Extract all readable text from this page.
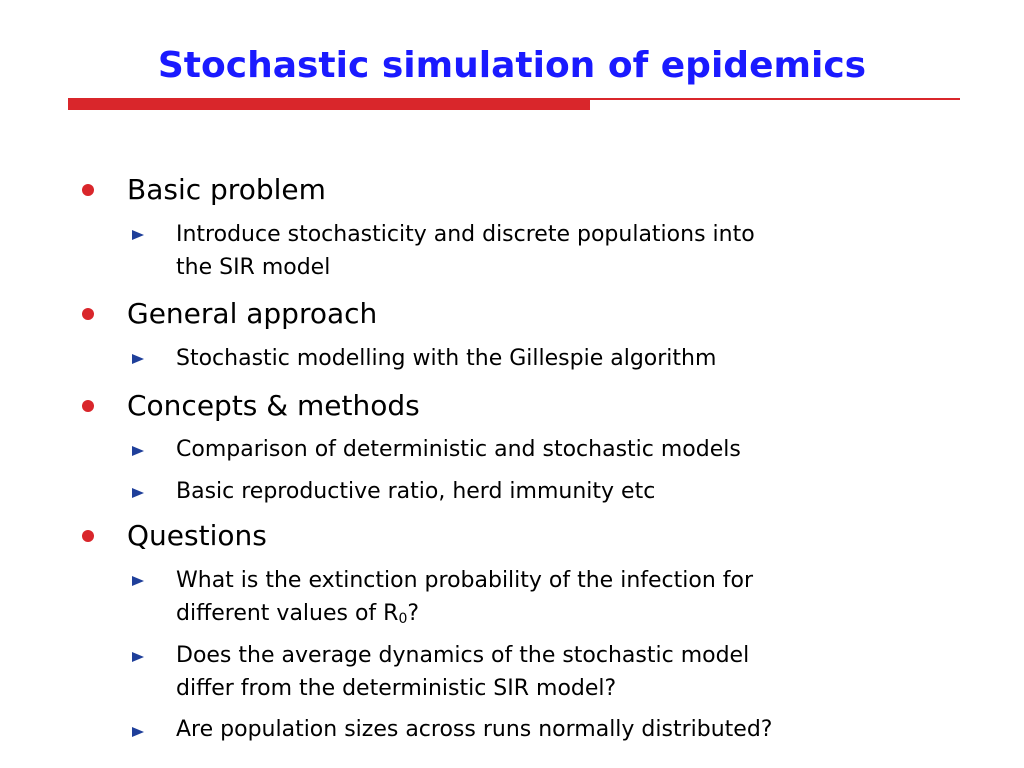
Stochastic simulation of epidemics
Basic problem
Introduce stochasticity and discrete populations into
the SIR model
General approach
Stochastic modelling with the Gillespie algorithm
Concepts & methods
Comparison of deterministic and stochastic models
Basic reproductive ratio, herd immunity etc
Questions
What is the extinction probability of the infection for
different values of $R_0$?
Does the average dynamics of the stochastic model
differ from the deterministic SIR model?
Are population sizes across runs normally distributed?
